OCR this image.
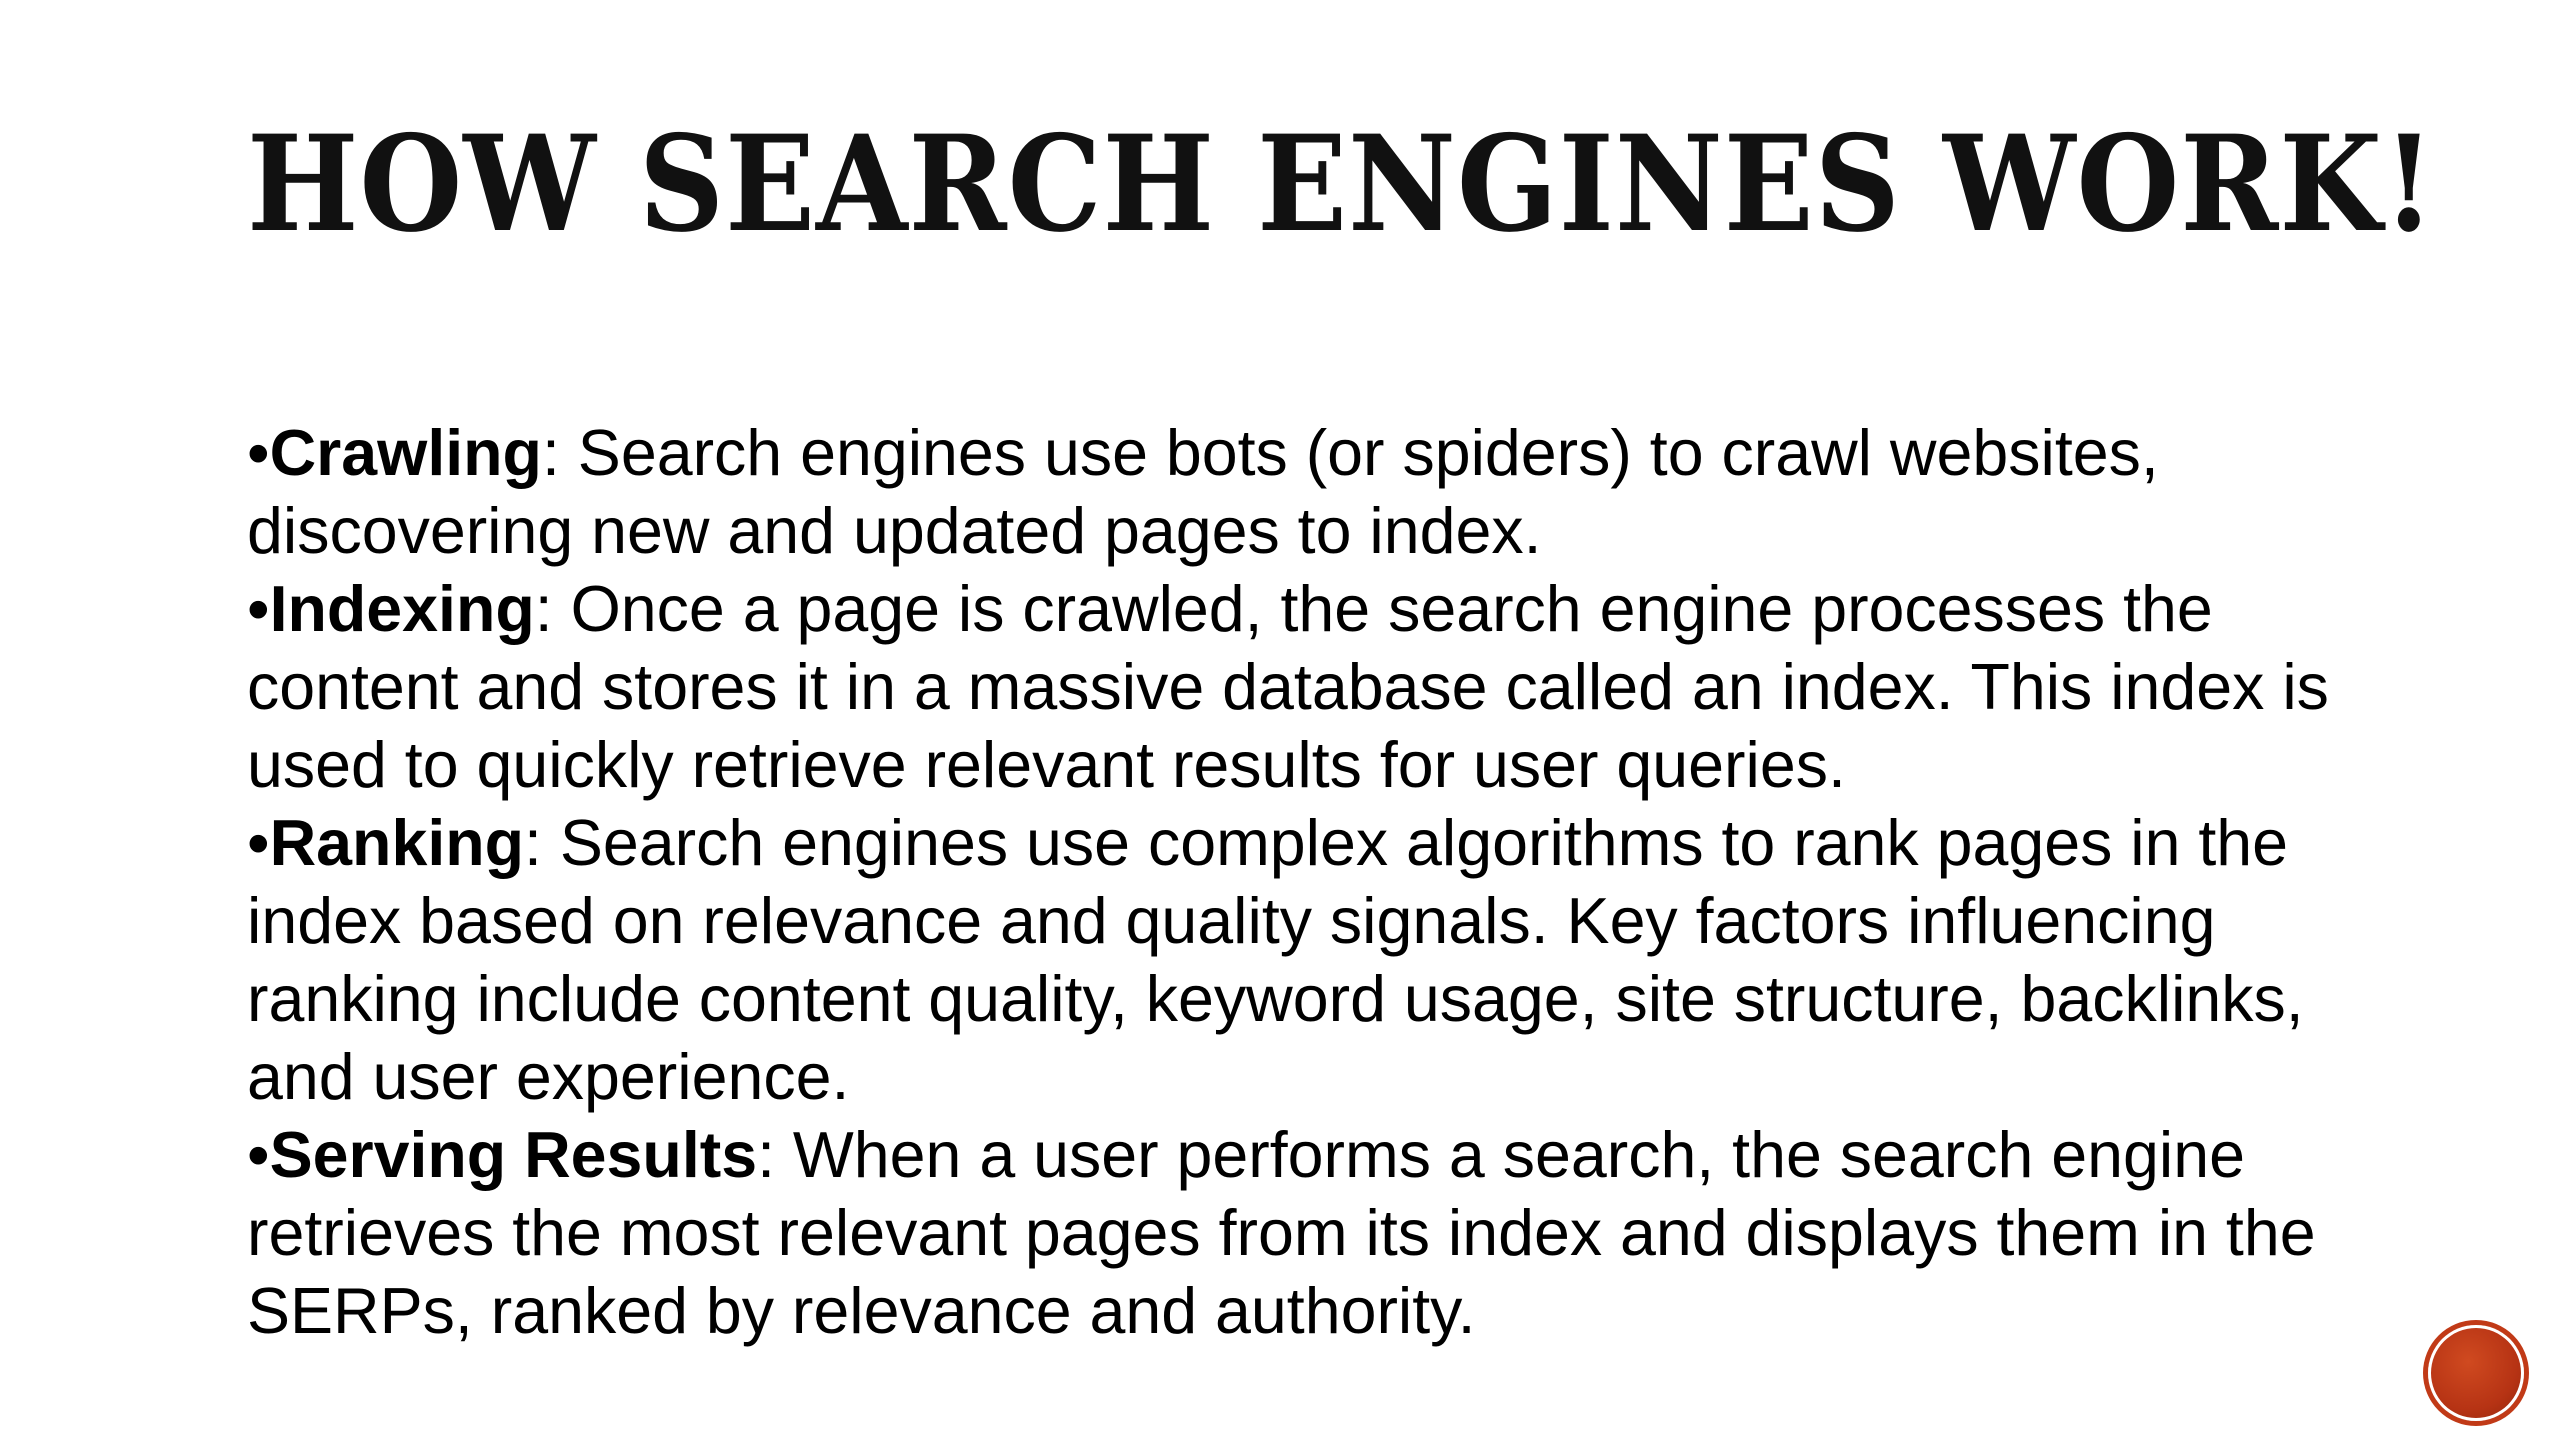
HOW SEARCH ENGINES WORK!
•Crawling: Search engines use bots (or spiders) to crawl websites, discovering new and updated pages to index.
•Indexing: Once a page is crawled, the search engine processes the content and stores it in a massive database called an index. This index is used to quickly retrieve relevant results for user queries.
•Ranking: Search engines use complex algorithms to rank pages in the index based on relevance and quality signals. Key factors influencing ranking include content quality, keyword usage, site structure, backlinks, and user experience.
•Serving Results: When a user performs a search, the search engine retrieves the most relevant pages from its index and displays them in the SERPs, ranked by relevance and authority.
